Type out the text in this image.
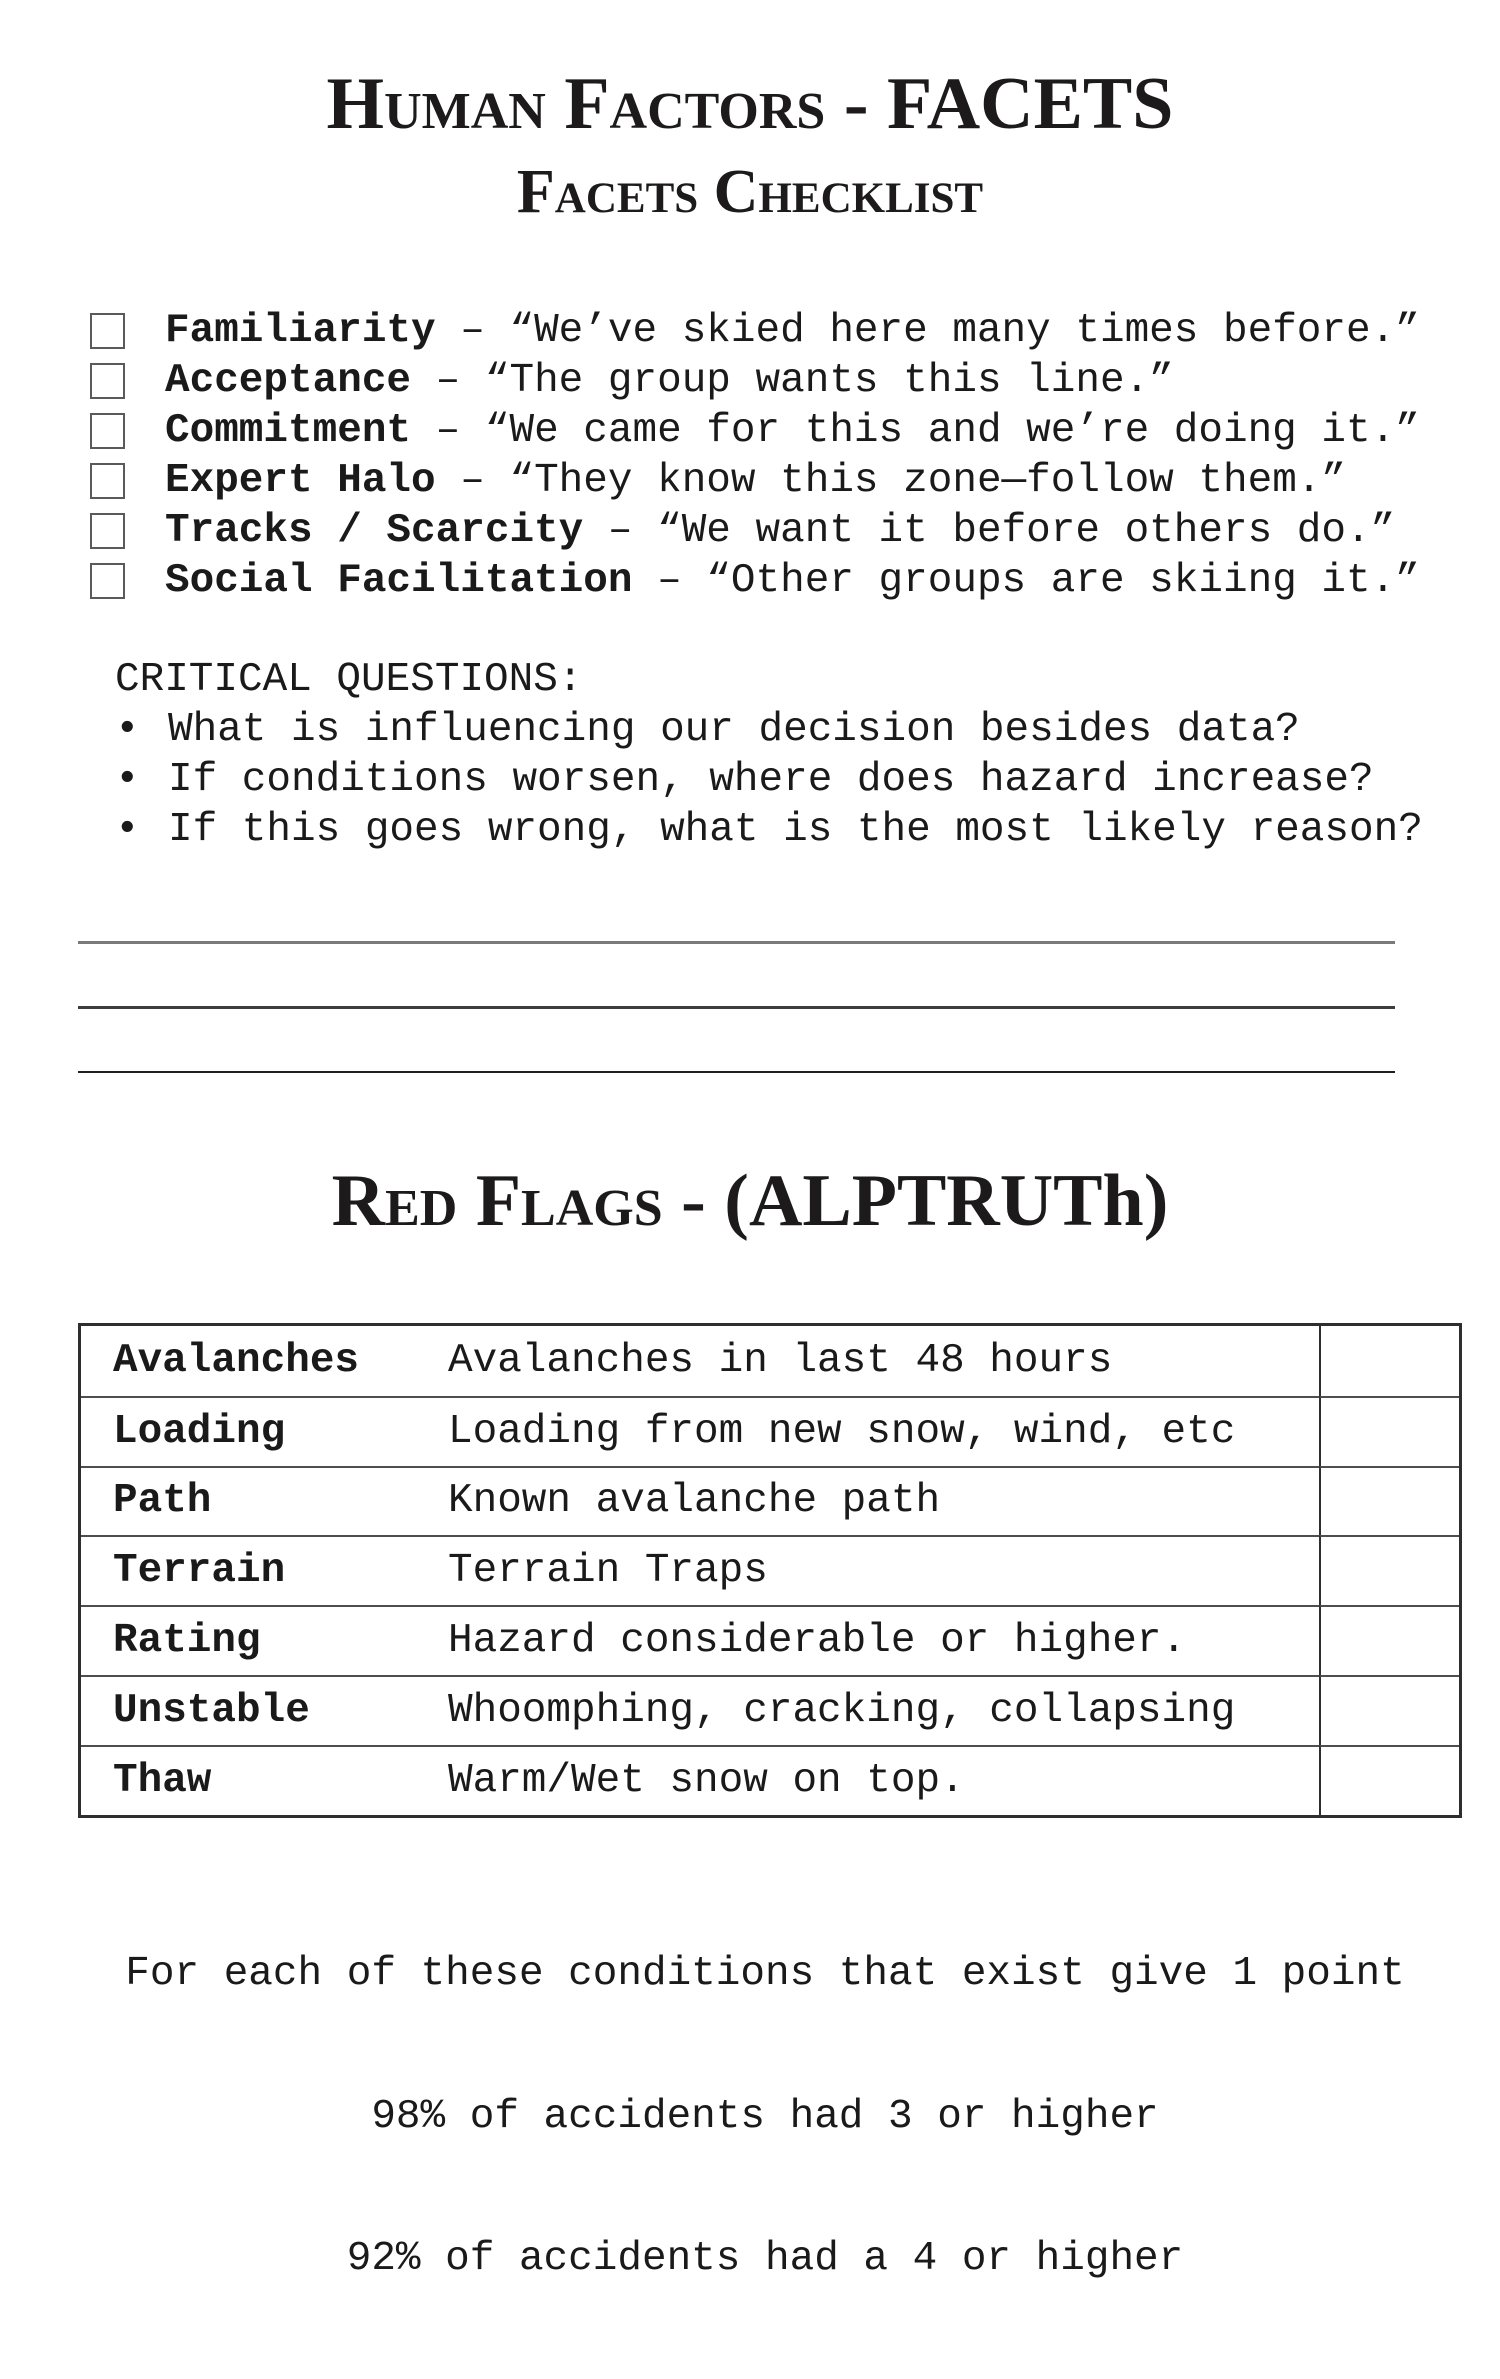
Human Factors - FACETS
Facets Checklist
Familiarity – “We’ve skied here many times before.”
Acceptance – “The group wants this line.”
Commitment – “We came for this and we’re doing it.”
Expert Halo – “They know this zone—follow them.”
Tracks / Scarcity – “We want it before others do.”
Social Facilitation – “Other groups are skiing it.”
CRITICAL QUESTIONS:
• What is influencing our decision besides data?
• If conditions worsen, where does hazard increase?
• If this goes wrong, what is the most likely reason?
Red Flags - (ALPTRUTh)
Avalanches	Avalanches in last 48 hours
Loading	Loading from new snow, wind, etc
Path	Known avalanche path
Terrain	Terrain Traps
Rating	Hazard considerable or higher.
Unstable	Whoomphing, cracking, collapsing
Thaw	Warm/Wet snow on top.

For each of these conditions that exist give 1 point

98% of accidents had 3 or higher

92% of accidents had a 4 or higher
